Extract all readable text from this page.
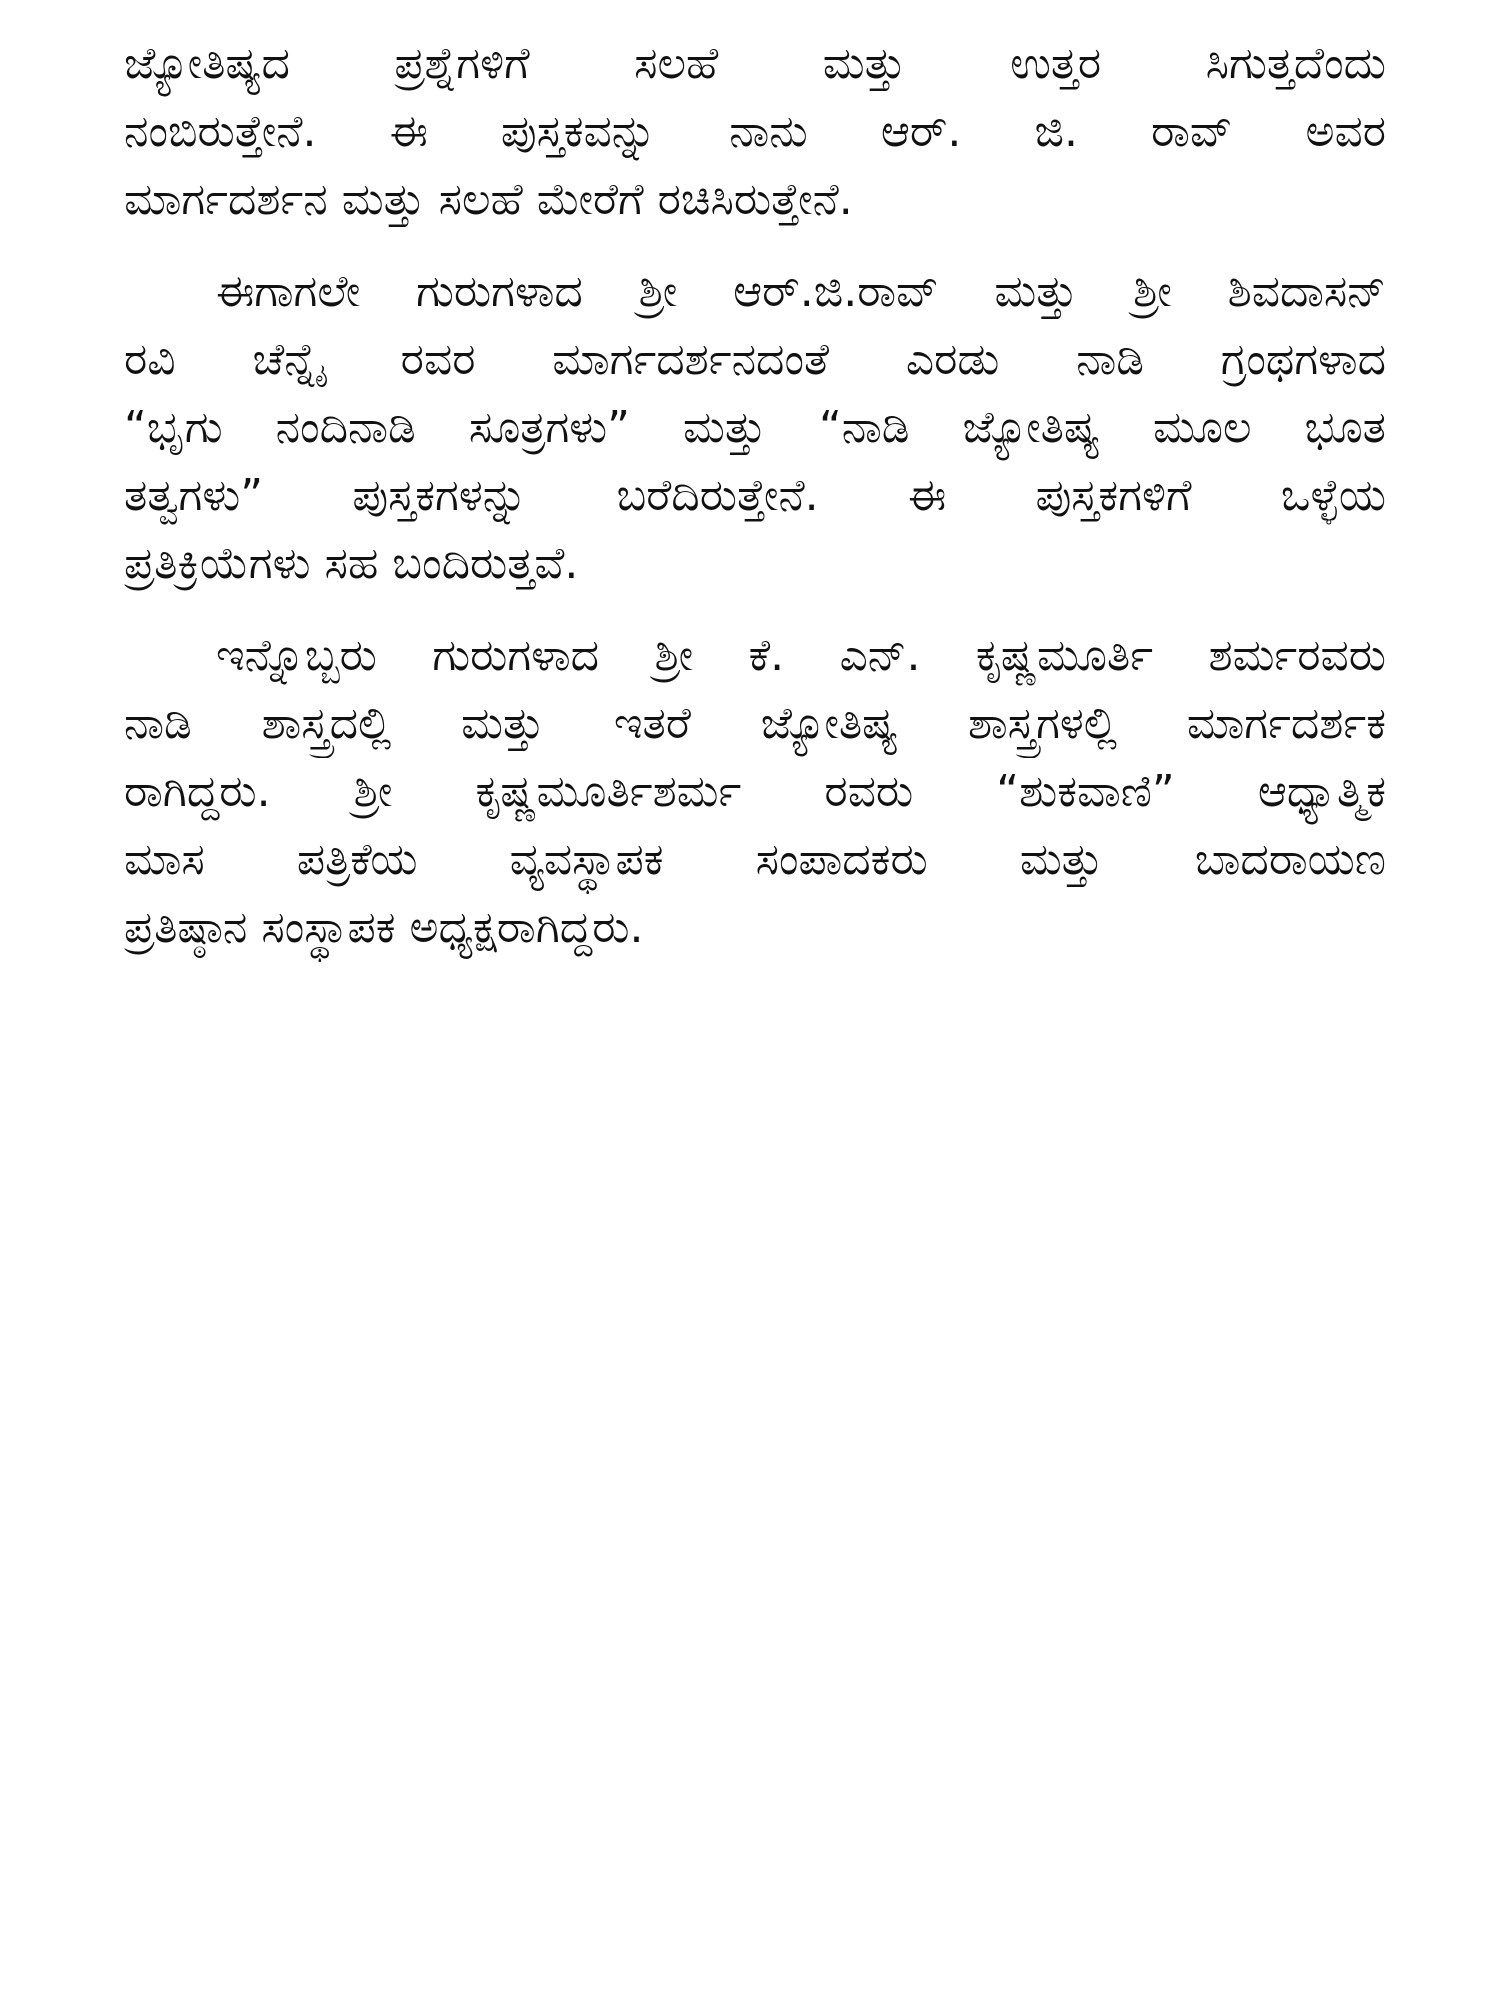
ಜ್ಯೋತಿಷ್ಯದ ಪ್ರಶ್ನೆಗಳಿಗೆ ಸಲಹೆ ಮತ್ತು ಉತ್ತರ ಸಿಗುತ್ತದೆಂದು
ನಂಬಿರುತ್ತೇನೆ. ಈ ಪುಸ್ತಕವನ್ನು ನಾನು ಆರ್. ಜಿ. ರಾವ್ ಅವರ
ಮಾರ್ಗದರ್ಶನ ಮತ್ತು ಸಲಹೆ ಮೇರೆಗೆ ರಚಿಸಿರುತ್ತೇನೆ.
ಈಗಾಗಲೇ ಗುರುಗಳಾದ ಶ್ರೀ ಆರ್.ಜಿ.ರಾವ್ ಮತ್ತು ಶ್ರೀ ಶಿವದಾಸನ್
ರವಿ ಚೆನ್ನೈ ರವರ ಮಾರ್ಗದರ್ಶನದಂತೆ ಎರಡು ನಾಡಿ ಗ್ರಂಥಗಳಾದ
“ಭೃಗು ನಂದಿನಾಡಿ ಸೂತ್ರಗಳು” ಮತ್ತು “ನಾಡಿ ಜ್ಯೋತಿಷ್ಯ ಮೂಲ ಭೂತ
ತತ್ವಗಳು” ಪುಸ್ತಕಗಳನ್ನು ಬರೆದಿರುತ್ತೇನೆ. ಈ ಪುಸ್ತಕಗಳಿಗೆ ಒಳ್ಳೆಯ
ಪ್ರತಿಕ್ರಿಯೆಗಳು ಸಹ ಬಂದಿರುತ್ತವೆ.
ಇನ್ನೊಬ್ಬರು ಗುರುಗಳಾದ ಶ್ರೀ ಕೆ. ಎನ್. ಕೃಷ್ಣಮೂರ್ತಿ ಶರ್ಮರವರು
ನಾಡಿ ಶಾಸ್ತ್ರದಲ್ಲಿ ಮತ್ತು ಇತರೆ ಜ್ಯೋತಿಷ್ಯ ಶಾಸ್ತ್ರಗಳಲ್ಲಿ ಮಾರ್ಗದರ್ಶಕ
ರಾಗಿದ್ದರು. ಶ್ರೀ ಕೃಷ್ಣಮೂರ್ತಿಶರ್ಮ ರವರು “ಶುಕವಾಣಿ” ಆಧ್ಯಾತ್ಮಿಕ
ಮಾಸ ಪತ್ರಿಕೆಯ ವ್ಯವಸ್ಥಾಪಕ ಸಂಪಾದಕರು ಮತ್ತು ಬಾದರಾಯಣ
ಪ್ರತಿಷ್ಠಾನ ಸಂಸ್ಥಾಪಕ ಅಧ್ಯಕ್ಷರಾಗಿದ್ದರು.
